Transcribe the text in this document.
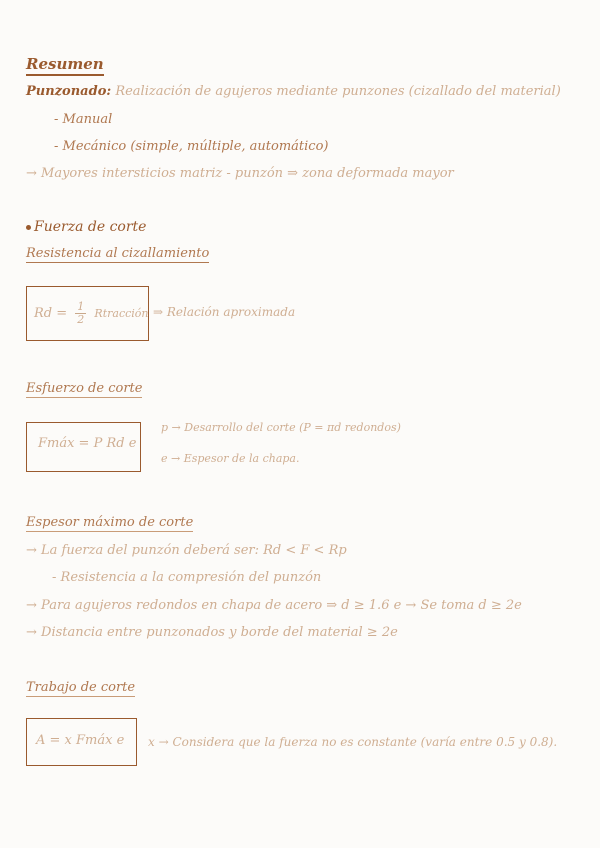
Resumen
Punzonado: Realización de agujeros mediante punzones (cizallado del material)
- Manual
- Mecánico (simple, múltiple, automático)
→ Mayores intersticios matriz - punzón ⇒ zona deformada mayor
Fuerza de corte
Resistencia al cizallamiento
$Rd = \frac{1}{2}$ Rtracción ⇒ Relación aproximada
Esfuerzo de corte
Fmáx = P Rd e
p → Desarrollo del corte (P = πd redondos)
e → Espesor de la chapa.
Espesor máximo de corte
→ La fuerza del punzón deberá ser: Rd < F < Rp
- Resistencia a la compresión del punzón
→ Para agujeros redondos en chapa de acero ⇒ d ≥ 1.6 e → Se toma d ≥ 2e
→ Distancia entre punzonados y borde del material ≥ 2e
Trabajo de corte
A = x Fmáx e x → Considera que la fuerza no es constante (varía entre 0.5 y 0.8).
